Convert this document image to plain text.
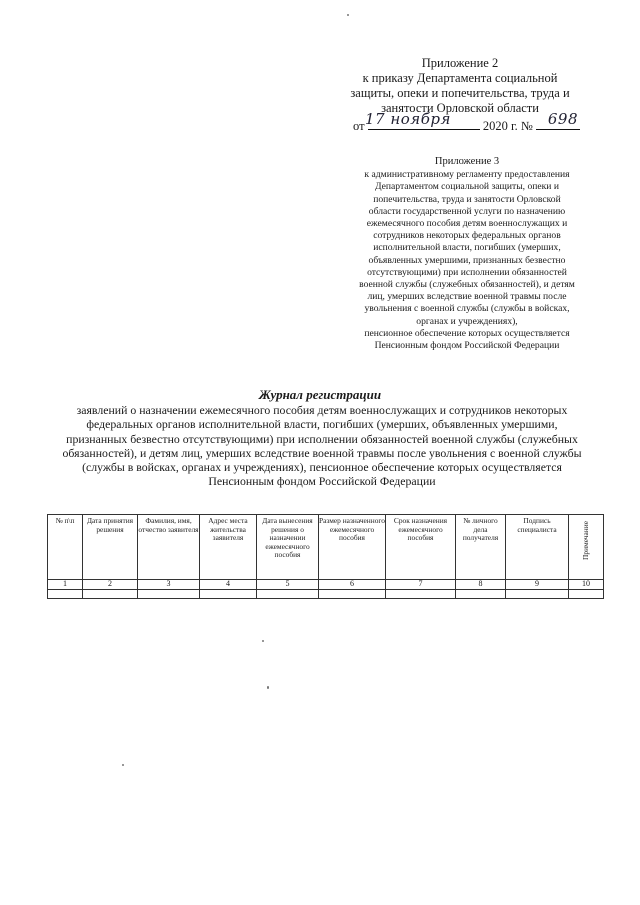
Приложение 2
к приказу Департамента социальной
защиты, опеки и попечительства, труда и
занятости Орловской области
от	2020 г. №
17 ноября	698
Приложение 3
к административному регламенту предоставления
Департаментом социальной защиты, опеки и
попечительства, труда и занятости Орловской
области государственной услуги по назначению
ежемесячного пособия детям военнослужащих и
сотрудников некоторых федеральных органов
исполнительной власти, погибших (умерших,
объявленных умершими, признанных безвестно
отсутствующими) при исполнении обязанностей
военной службы (служебных обязанностей), и детям
лиц, умерших вследствие военной травмы после
увольнения с военной службы (службы в войсках,
органах и учреждениях),
пенсионное обеспечение которых осуществляется
Пенсионным фондом Российской Федерации
Журнал регистрации
заявлений о назначении ежемесячного пособия детям военнослужащих и сотрудников некоторых
федеральных органов исполнительной власти, погибших (умерших, объявленных умершими,
признанных безвестно отсутствующими) при исполнении обязанностей военной службы (служебных
обязанностей), и детям лиц, умерших вследствие военной травмы после увольнения с военной службы
(службы в войсках, органах и учреждениях), пенсионное обеспечение которых осуществляется
Пенсионным фондом Российской Федерации
№ п\п	Дата принятия решения	Фамилия, имя, отчество заявителя	Адрес места жительства заявителя	Дата вынесения решения о назначении ежемесячного пособия	Размер назначенного ежемесячного пособия	Срок назначения ежемесячного пособия	№ личного дела получателя	Подпись специалиста	Примечание
1	2	3	4	5	6	7	8	9	10
